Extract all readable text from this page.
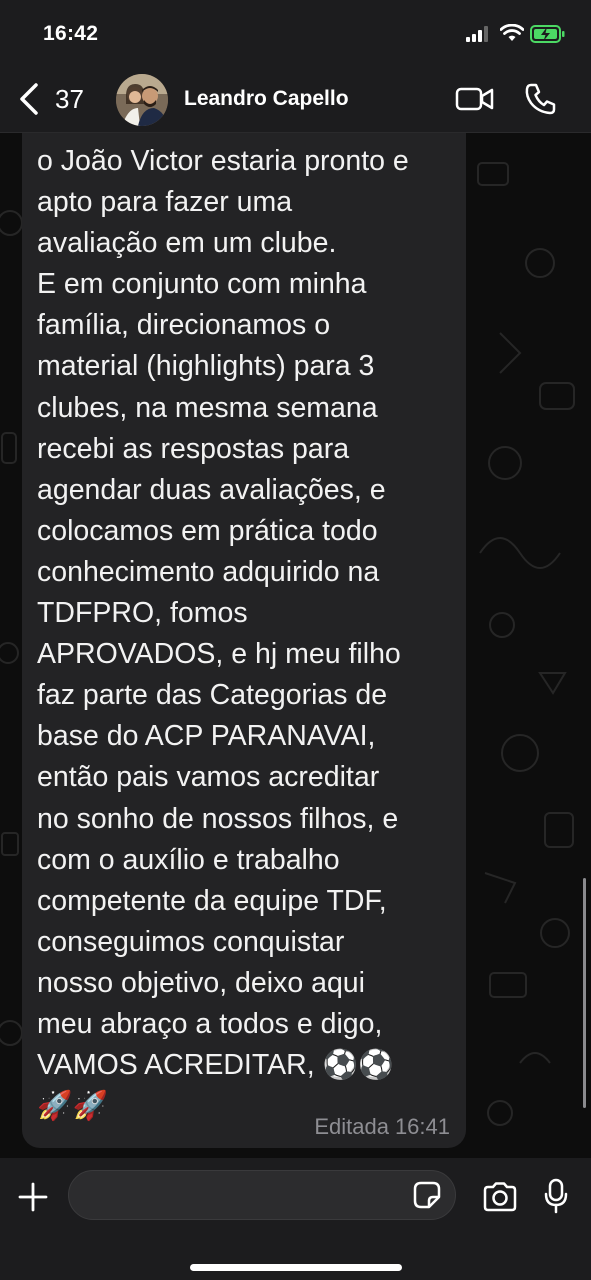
16:42
37	Leandro Capello
o João Victor estaria pronto e
apto para fazer uma
avaliação em um clube.
E em conjunto com minha
família, direcionamos o
material (highlights) para 3
clubes, na mesma semana
recebi as respostas para
agendar duas avaliações, e
colocamos em prática todo
conhecimento adquirido na
TDFPRO, fomos
APROVADOS, e hj meu filho
faz parte das Categorias de
base do ACP PARANAVAI,
então pais vamos acreditar
no sonho de nossos filhos, e
com o auxílio e trabalho
competente da equipe TDF,
conseguimos conquistar
nosso objetivo, deixo aqui
meu abraço a todos e digo,
VAMOS ACREDITAR, ⚽⚽
🚀🚀
Editada 16:41
